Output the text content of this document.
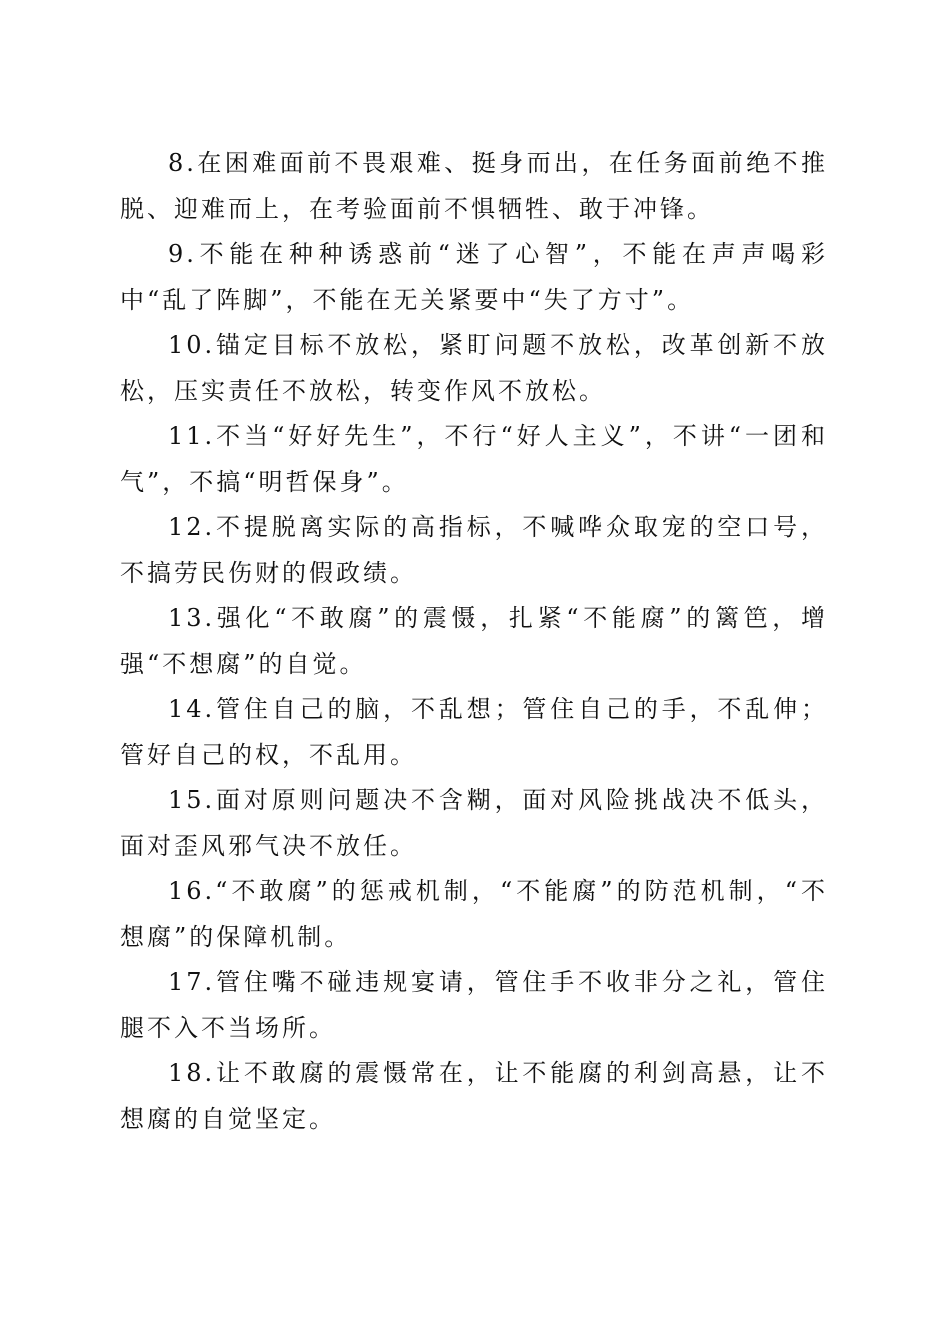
8.在困难面前不畏艰难、挺身而出，在任务面前绝不推脱、迎难而上，在考验面前不惧牺牲、敢于冲锋。

9.不能在种种诱惑前“迷了心智”，不能在声声喝彩中“乱了阵脚”，不能在无关紧要中“失了方寸”。

10.锚定目标不放松，紧盯问题不放松，改革创新不放松，压实责任不放松，转变作风不放松。

11.不当“好好先生”，不行“好人主义”，不讲“一团和气”，不搞“明哲保身”。

12.不提脱离实际的高指标，不喊哗众取宠的空口号，不搞劳民伤财的假政绩。

13.强化“不敢腐”的震慑，扎紧“不能腐”的篱笆，增强“不想腐”的自觉。

14.管住自己的脑，不乱想；管住自己的手，不乱伸；管好自己的权，不乱用。

15.面对原则问题决不含糊，面对风险挑战决不低头，面对歪风邪气决不放任。

16.“不敢腐”的惩戒机制，“不能腐”的防范机制，“不想腐”的保障机制。

17.管住嘴不碰违规宴请，管住手不收非分之礼，管住腿不入不当场所。

18.让不敢腐的震慑常在，让不能腐的利剑高悬，让不想腐的自觉坚定。
